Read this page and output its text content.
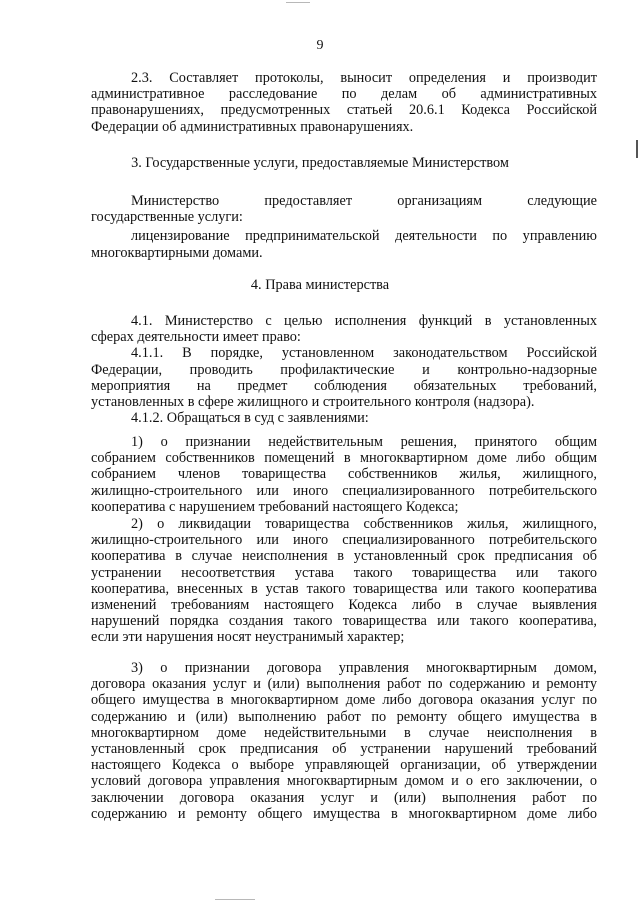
9
2.3. Составляет протоколы, выносит определения и производит
административное расследование по делам об административных
правонарушениях, предусмотренных статьей 20.6.1 Кодекса Российской
Федерации об административных правонарушениях.
3. Государственные услуги, предоставляемые Министерством
Министерство предоставляет организациям следующие
государственные услуги:
лицензирование предпринимательской деятельности по управлению
многоквартирными домами.
4. Права министерства
4.1. Министерство с целью исполнения функций в установленных
сферах деятельности имеет право:
4.1.1. В порядке, установленном законодательством Российской
Федерации, проводить профилактические и контрольно-надзорные
мероприятия на предмет соблюдения обязательных требований,
установленных в сфере жилищного и строительного контроля (надзора).
4.1.2. Обращаться в суд с заявлениями:
1) о признании недействительным решения, принятого общим
собранием собственников помещений в многоквартирном доме либо общим
собранием членов товарищества собственников жилья, жилищного,
жилищно-строительного или иного специализированного потребительского
кооператива с нарушением требований настоящего Кодекса;
2) о ликвидации товарищества собственников жилья, жилищного,
жилищно-строительного или иного специализированного потребительского
кооператива в случае неисполнения в установленный срок предписания об
устранении несоответствия устава такого товарищества или такого
кооператива, внесенных в устав такого товарищества или такого кооператива
изменений требованиям настоящего Кодекса либо в случае выявления
нарушений порядка создания такого товарищества или такого кооператива,
если эти нарушения носят неустранимый характер;
3) о признании договора управления многоквартирным домом,
договора оказания услуг и (или) выполнения работ по содержанию и ремонту
общего имущества в многоквартирном доме либо договора оказания услуг по
содержанию и (или) выполнению работ по ремонту общего имущества в
многоквартирном доме недействительными в случае неисполнения в
установленный срок предписания об устранении нарушений требований
настоящего Кодекса о выборе управляющей организации, об утверждении
условий договора управления многоквартирным домом и о его заключении, о
заключении договора оказания услуг и (или) выполнения работ по
содержанию и ремонту общего имущества в многоквартирном доме либо
